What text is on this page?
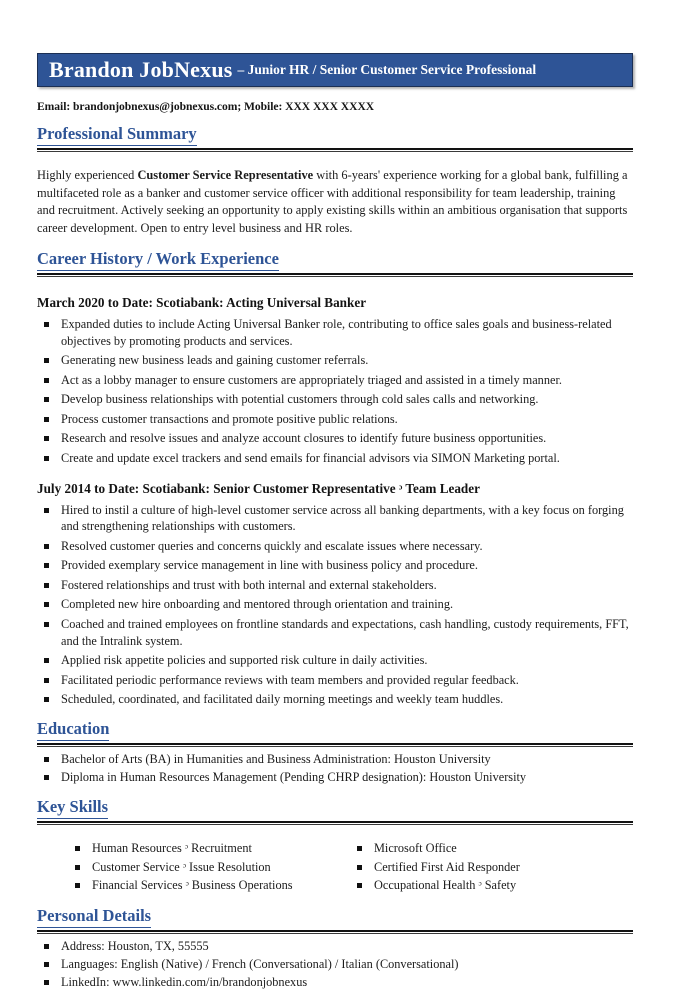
Brandon JobNexus – Junior HR / Senior Customer Service Professional
Email: brandonjobnexus@jobnexus.com; Mobile: XXX XXX XXXX
Professional Summary

Highly experienced Customer Service Representative with 6-years' experience working for a global bank, fulfilling a multifaceted role as a banker and customer service officer with additional responsibility for team leadership, training and recruitment. Actively seeking an opportunity to apply existing skills within an ambitious organisation that supports career development. Open to entry level business and HR roles.

Career History / Work Experience
March 2020 to Date: Scotiabank: Acting Universal Banker
Expanded duties to include Acting Universal Banker role, contributing to office sales goals and business-related objectives by promoting products and services.
Generating new business leads and gaining customer referrals.
Act as a lobby manager to ensure customers are appropriately triaged and assisted in a timely manner.
Develop business relationships with potential customers through cold sales calls and networking.
Process customer transactions and promote positive public relations.
Research and resolve issues and analyze account closures to identify future business opportunities.
Create and update excel trackers and send emails for financial advisors via SIMON Marketing portal.
July 2014 to Date: Scotiabank: Senior Customer Representative ᵓ Team Leader
Hired to instil a culture of high-level customer service across all banking departments, with a key focus on forging and strengthening relationships with customers.
Resolved customer queries and concerns quickly and escalate issues where necessary.
Provided exemplary service management in line with business policy and procedure.
Fostered relationships and trust with both internal and external stakeholders.
Completed new hire onboarding and mentored through orientation and training.
Coached and trained employees on frontline standards and expectations, cash handling, custody requirements, FFT, and the Intralink system.
Applied risk appetite policies and supported risk culture in daily activities.
Facilitated periodic performance reviews with team members and provided regular feedback.
Scheduled, coordinated, and facilitated daily morning meetings and weekly team huddles.
Education
Bachelor of Arts (BA) in Humanities and Business Administration: Houston University
Diploma in Human Resources Management (Pending CHRP designation): Houston University
Key Skills
Human Resources ᵓ Recruitment
Customer Service ᵓ Issue Resolution
Financial Services ᵓ Business Operations
Microsoft Office
Certified First Aid Responder
Occupational Health ᵓ Safety
Personal Details
Address: Houston, TX, 55555
Languages: English (Native) / French (Conversational) / Italian (Conversational)
LinkedIn: www.linkedin.com/in/brandonjobnexus
